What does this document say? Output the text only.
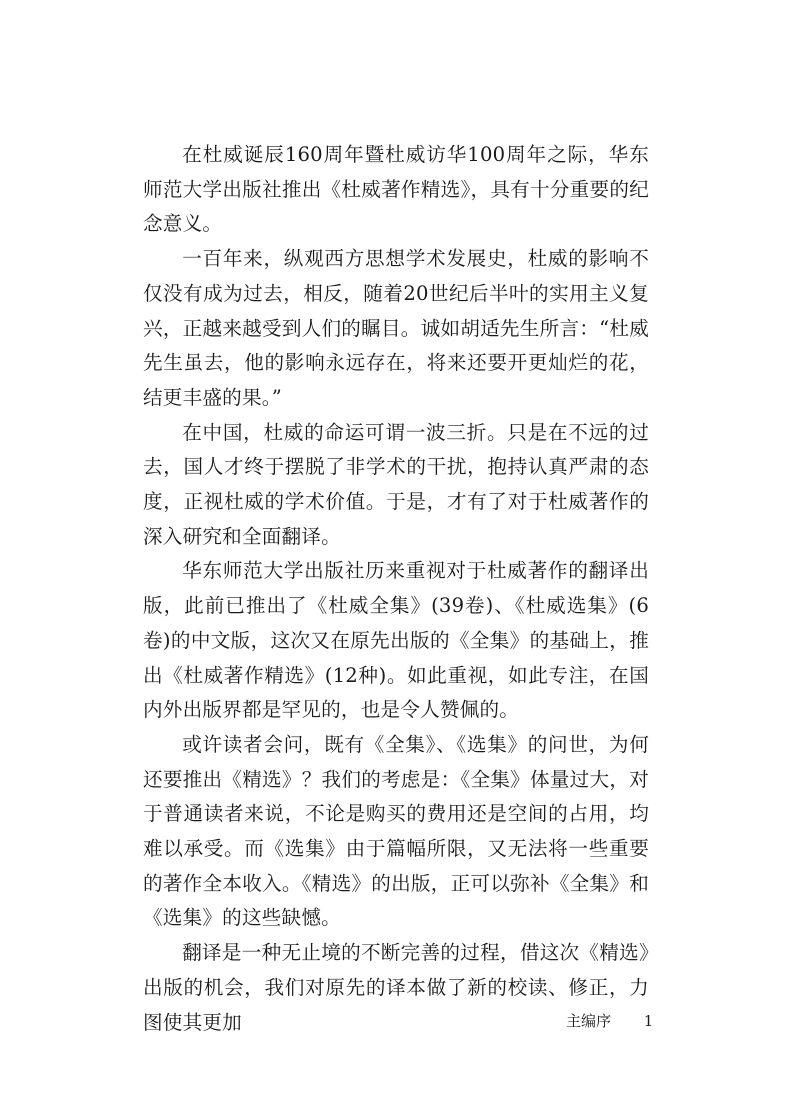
在杜威诞辰160周年暨杜威访华100周年之际，华东师范大学出版社推出《杜威著作精选》，具有十分重要的纪念意义。

一百年来，纵观西方思想学术发展史，杜威的影响不仅没有成为过去，相反，随着20世纪后半叶的实用主义复兴，正越来越受到人们的瞩目。诚如胡适先生所言：“杜威先生虽去，他的影响永远存在，将来还要开更灿烂的花，结更丰盛的果。”

在中国，杜威的命运可谓一波三折。只是在不远的过去，国人才终于摆脱了非学术的干扰，抱持认真严肃的态度，正视杜威的学术价值。于是，才有了对于杜威著作的深入研究和全面翻译。

华东师范大学出版社历来重视对于杜威著作的翻译出版，此前已推出了《杜威全集》(39卷)、《杜威选集》(6卷)的中文版，这次又在原先出版的《全集》的基础上，推出《杜威著作精选》(12种)。如此重视，如此专注，在国内外出版界都是罕见的，也是令人赞佩的。

或许读者会问，既有《全集》、《选集》的问世，为何还要推出《精选》？我们的考虑是：《全集》体量过大，对于普通读者来说，不论是购买的费用还是空间的占用，均难以承受。而《选集》由于篇幅所限，又无法将一些重要的著作全本收入。《精选》的出版，正可以弥补《全集》和《选集》的这些缺憾。

翻译是一种无止境的不断完善的过程，借这次《精选》出版的机会，我们对原先的译本做了新的校读、修正，力图使其更加	主编序 1
